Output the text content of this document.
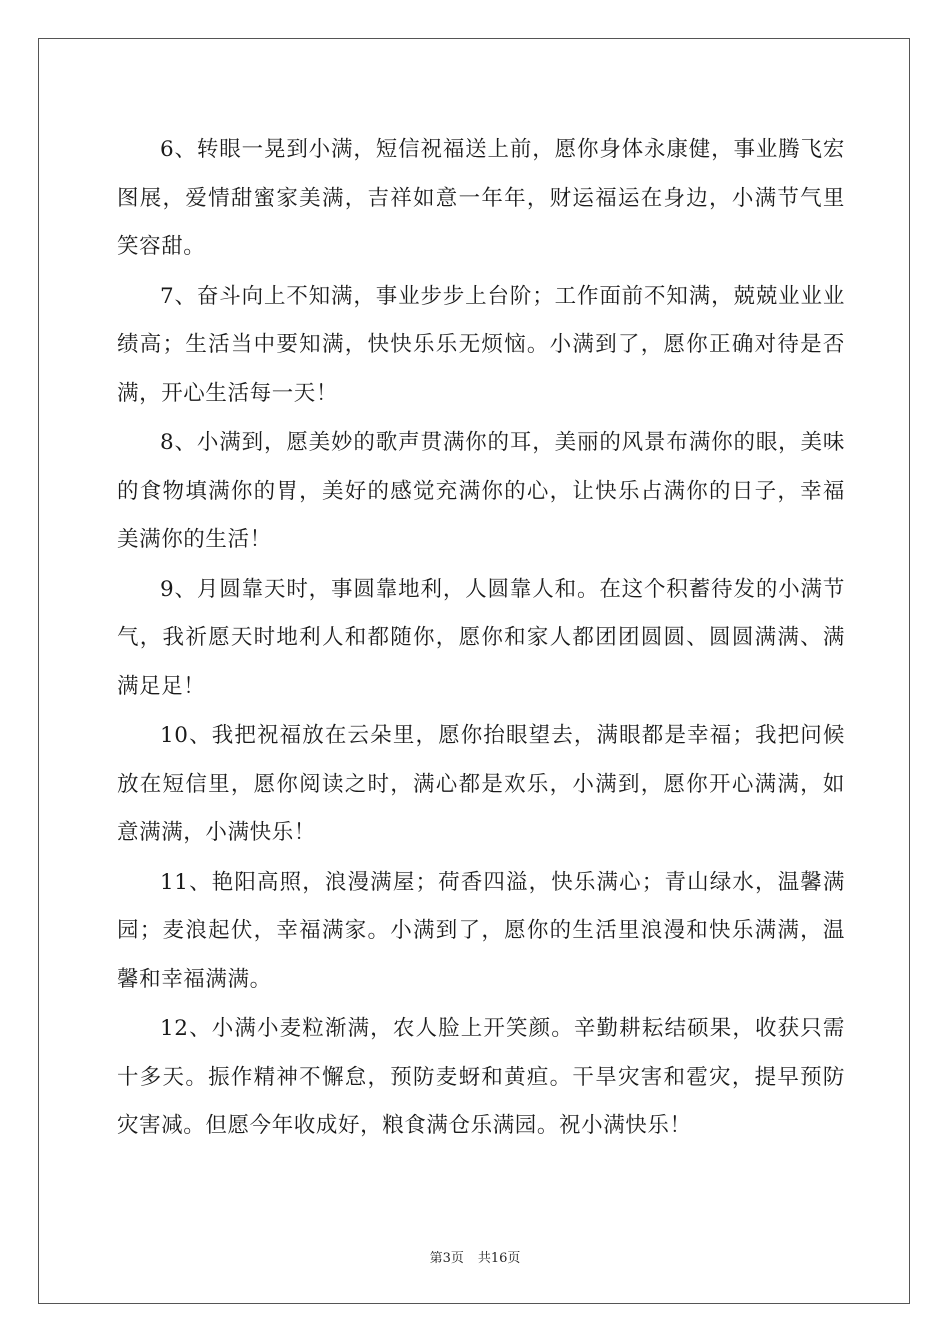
6、转眼一晃到小满，短信祝福送上前，愿你身体永康健，事业腾飞宏图展，爱情甜蜜家美满，吉祥如意一年年，财运福运在身边，小满节气里笑容甜。

7、奋斗向上不知满，事业步步上台阶；工作面前不知满，兢兢业业业绩高；生活当中要知满，快快乐乐无烦恼。小满到了，愿你正确对待是否满，开心生活每一天！

8、小满到，愿美妙的歌声贯满你的耳，美丽的风景布满你的眼，美味的食物填满你的胃，美好的感觉充满你的心，让快乐占满你的日子，幸福美满你的生活！

9、月圆靠天时，事圆靠地利，人圆靠人和。在这个积蓄待发的小满节气，我祈愿天时地利人和都随你，愿你和家人都团团圆圆、圆圆满满、满满足足！

10、我把祝福放在云朵里，愿你抬眼望去，满眼都是幸福；我把问候放在短信里，愿你阅读之时，满心都是欢乐，小满到，愿你开心满满，如意满满，小满快乐！

11、艳阳高照，浪漫满屋；荷香四溢，快乐满心；青山绿水，温馨满园；麦浪起伏，幸福满家。小满到了，愿你的生活里浪漫和快乐满满，温馨和幸福满满。

12、小满小麦粒渐满，农人脸上开笑颜。辛勤耕耘结硕果，收获只需十多天。振作精神不懈怠，预防麦蚜和黄疸。干旱灾害和雹灾，提早预防灾害减。但愿今年收成好，粮食满仓乐满园。祝小满快乐！

第3页 共16页
